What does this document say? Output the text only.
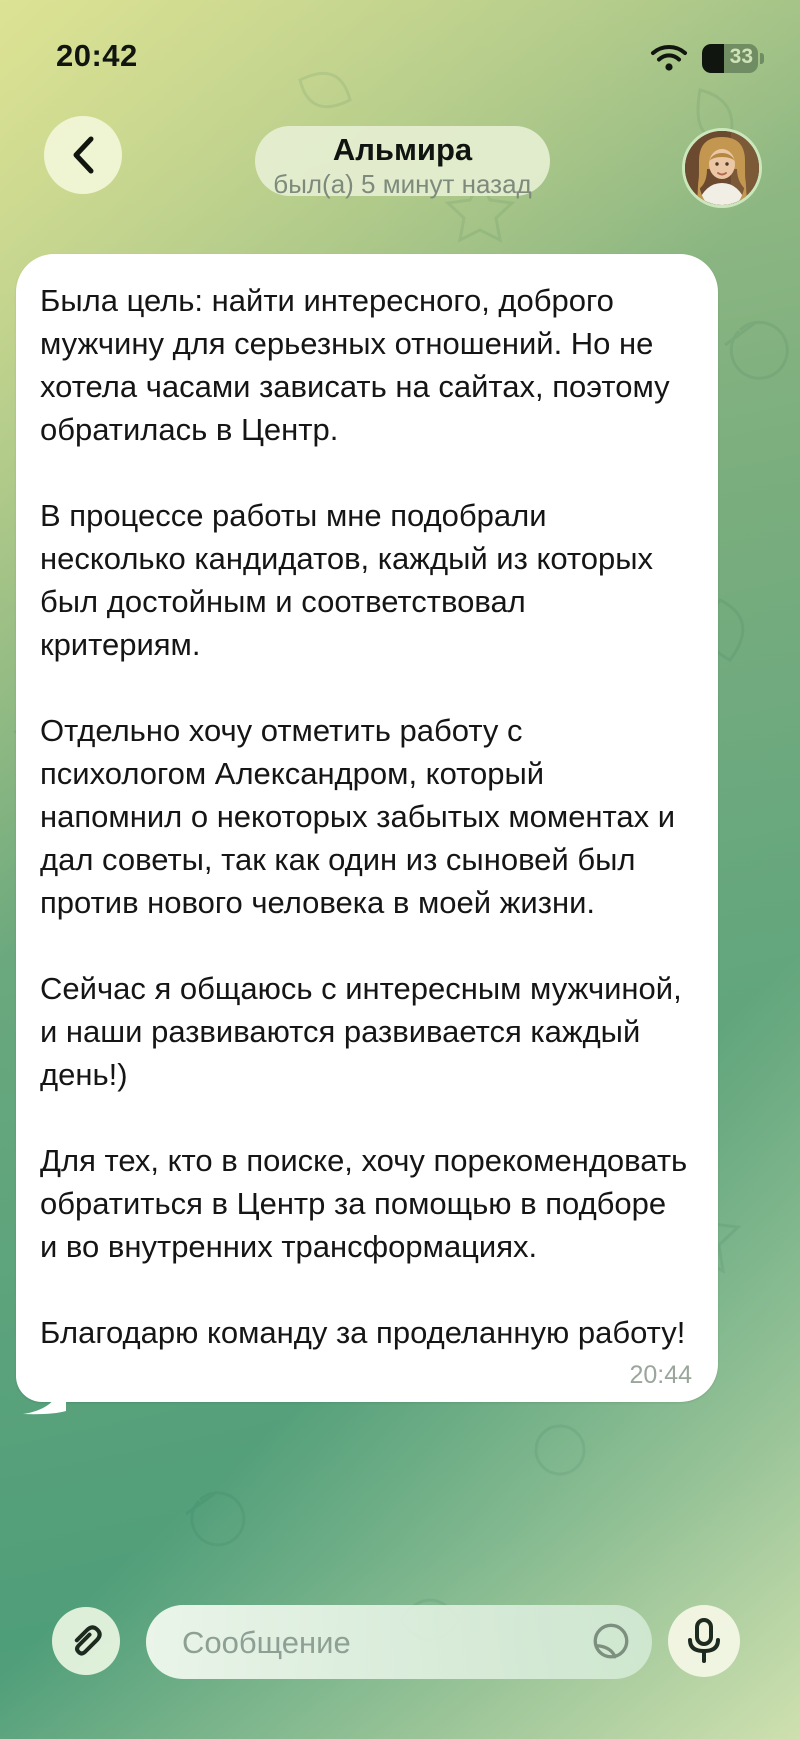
20:42	33
Альмира
был(а) 5 минут назад

Была цель: найти интересного, доброго мужчину для серьезных отношений. Но не хотела часами зависать на сайтах, поэтому обратилась в Центр.

В процессе работы мне подобрали несколько кандидатов, каждый из которых был достойным и соответствовал критериям.

Отдельно хочу отметить работу с психологом Александром, который напомнил о некоторых забытых моментах и дал советы, так как один из сыновей был против нового человека в моей жизни.

Сейчас я общаюсь с интересным мужчиной, и наши развиваются развивается каждый день!)

Для тех, кто в поиске, хочу порекомендовать обратиться в Центр за помощью в подборе и во внутренних трансформациях.

Благодарю команду за проделанную работу!

20:44
Сообщение
